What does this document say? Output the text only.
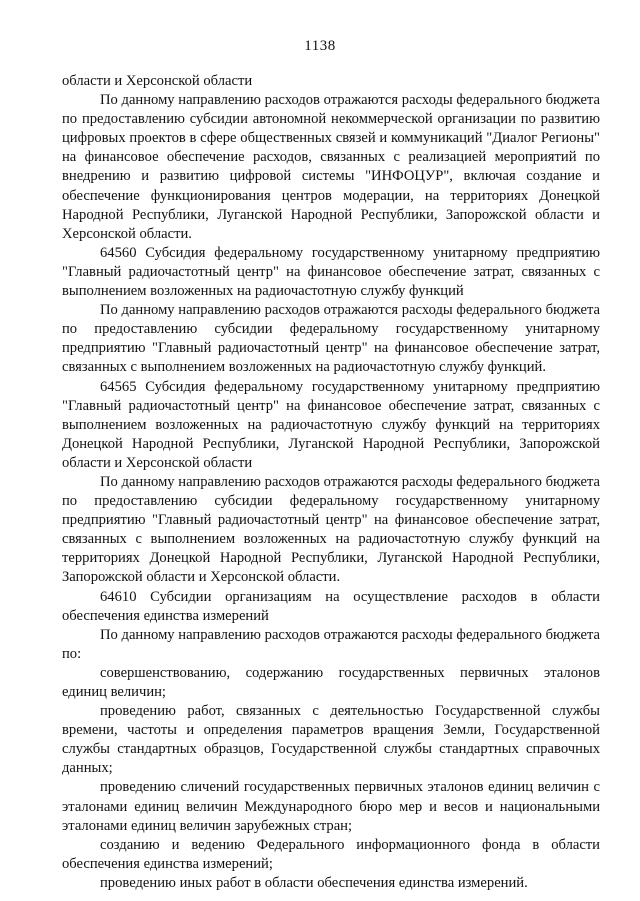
1138

области и Херсонской области

По данному направлению расходов отражаются расходы федерального бюджета по предоставлению субсидии автономной некоммерческой организации по развитию цифровых проектов в сфере общественных связей и коммуникаций "Диалог Регионы" на финансовое обеспечение расходов, связанных с реализацией мероприятий по внедрению и развитию цифровой системы "ИНФОЦУР", включая создание и обеспечение функционирования центров модерации, на территориях Донецкой Народной Республики, Луганской Народной Республики, Запорожской области и Херсонской области.

64560 Субсидия федеральному государственному унитарному предприятию "Главный радиочастотный центр" на финансовое обеспечение затрат, связанных с выполнением возложенных на радиочастотную службу функций

По данному направлению расходов отражаются расходы федерального бюджета по предоставлению субсидии федеральному государственному унитарному предприятию "Главный радиочастотный центр" на финансовое обеспечение затрат, связанных с выполнением возложенных на радиочастотную службу функций.

64565 Субсидия федеральному государственному унитарному предприятию "Главный радиочастотный центр" на финансовое обеспечение затрат, связанных с выполнением возложенных на радиочастотную службу функций на территориях Донецкой Народной Республики, Луганской Народной Республики, Запорожской области и Херсонской области

По данному направлению расходов отражаются расходы федерального бюджета по предоставлению субсидии федеральному государственному унитарному предприятию "Главный радиочастотный центр" на финансовое обеспечение затрат, связанных с выполнением возложенных на радиочастотную службу функций на территориях Донецкой Народной Республики, Луганской Народной Республики, Запорожской области и Херсонской области.

64610 Субсидии организациям на осуществление расходов в области обеспечения единства измерений

По данному направлению расходов отражаются расходы федерального бюджета по:

совершенствованию, содержанию государственных первичных эталонов единиц величин;

проведению работ, связанных с деятельностью Государственной службы времени, частоты и определения параметров вращения Земли, Государственной службы стандартных образцов, Государственной службы стандартных справочных данных;

проведению сличений государственных первичных эталонов единиц величин с эталонами единиц величин Международного бюро мер и весов и национальными эталонами единиц величин зарубежных стран;

созданию и ведению Федерального информационного фонда в области обеспечения единства измерений;

проведению иных работ в области обеспечения единства измерений.
